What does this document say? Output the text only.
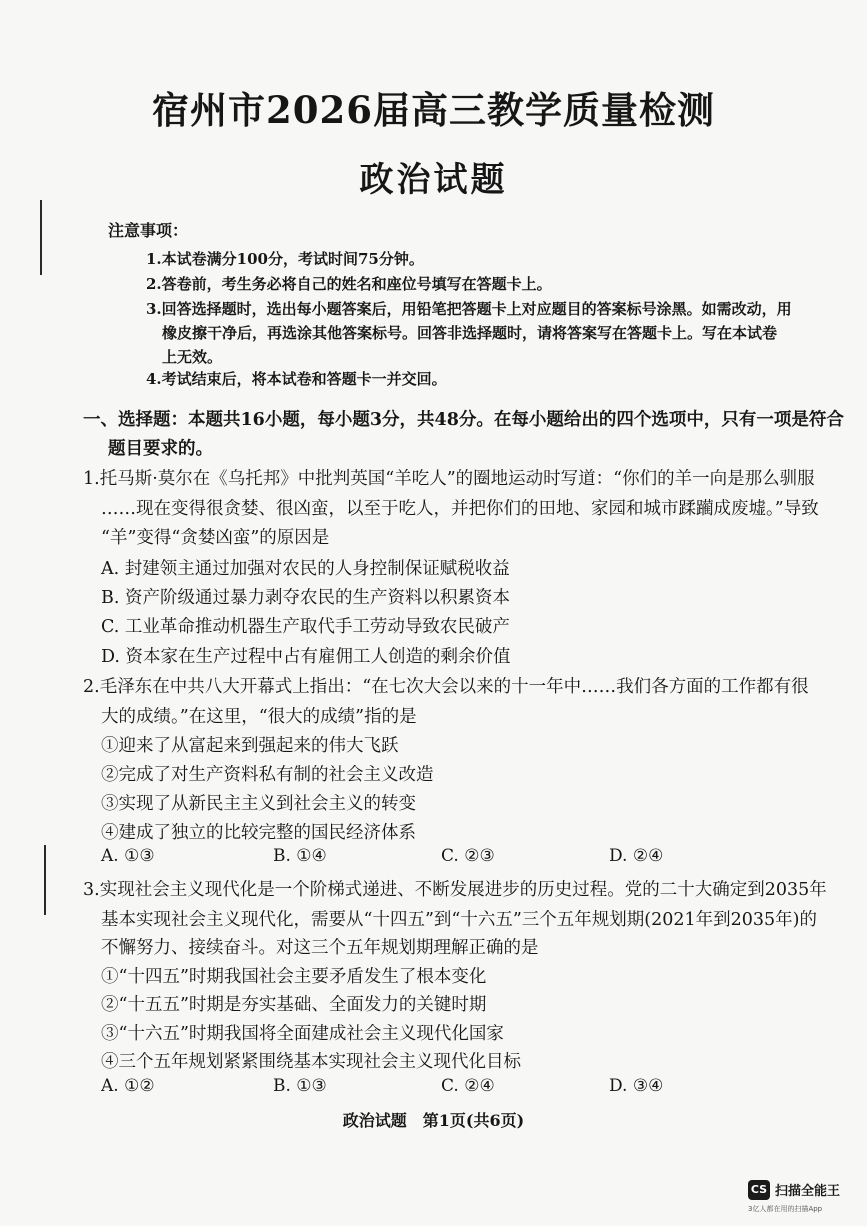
宿州市2026届高三教学质量检测
政治试题
注意事项：
1.本试卷满分100分，考试时间75分钟。
2.答卷前，考生务必将自己的姓名和座位号填写在答题卡上。
3.回答选择题时，选出每小题答案后，用铅笔把答题卡上对应题目的答案标号涂黑。如需改动，用
橡皮擦干净后，再选涂其他答案标号。回答非选择题时，请将答案写在答题卡上。写在本试卷
上无效。
4.考试结束后，将本试卷和答题卡一并交回。
一、选择题：本题共16小题，每小题3分，共48分。在每小题给出的四个选项中，只有一项是符合
题目要求的。
1.托马斯·莫尔在《乌托邦》中批判英国“羊吃人”的圈地运动时写道：“你们的羊一向是那么驯服
……现在变得很贪婪、很凶蛮，以至于吃人，并把你们的田地、家园和城市蹂躏成废墟。”导致
“羊”变得“贪婪凶蛮”的原因是
A. 封建领主通过加强对农民的人身控制保证赋税收益
B. 资产阶级通过暴力剥夺农民的生产资料以积累资本
C. 工业革命推动机器生产取代手工劳动导致农民破产
D. 资本家在生产过程中占有雇佣工人创造的剩余价值
2.毛泽东在中共八大开幕式上指出：“在七次大会以来的十一年中……我们各方面的工作都有很
大的成绩。”在这里，“很大的成绩”指的是
①迎来了从富起来到强起来的伟大飞跃
②完成了对生产资料私有制的社会主义改造
③实现了从新民主主义到社会主义的转变
④建成了独立的比较完整的国民经济体系
A. ①③	B. ①④	C. ②③	D. ②④
3.实现社会主义现代化是一个阶梯式递进、不断发展进步的历史过程。党的二十大确定到2035年
基本实现社会主义现代化，需要从“十四五”到“十六五”三个五年规划期(2021年到2035年)的
不懈努力、接续奋斗。对这三个五年规划期理解正确的是
①“十四五”时期我国社会主要矛盾发生了根本变化
②“十五五”时期是夯实基础、全面发力的关键时期
③“十六五”时期我国将全面建成社会主义现代化国家
④三个五年规划紧紧围绕基本实现社会主义现代化目标
A. ①②	B. ①③	C. ②④	D. ③④
政治试题　第1页(共6页)
CS 扫描全能王
3亿人都在用的扫描App
